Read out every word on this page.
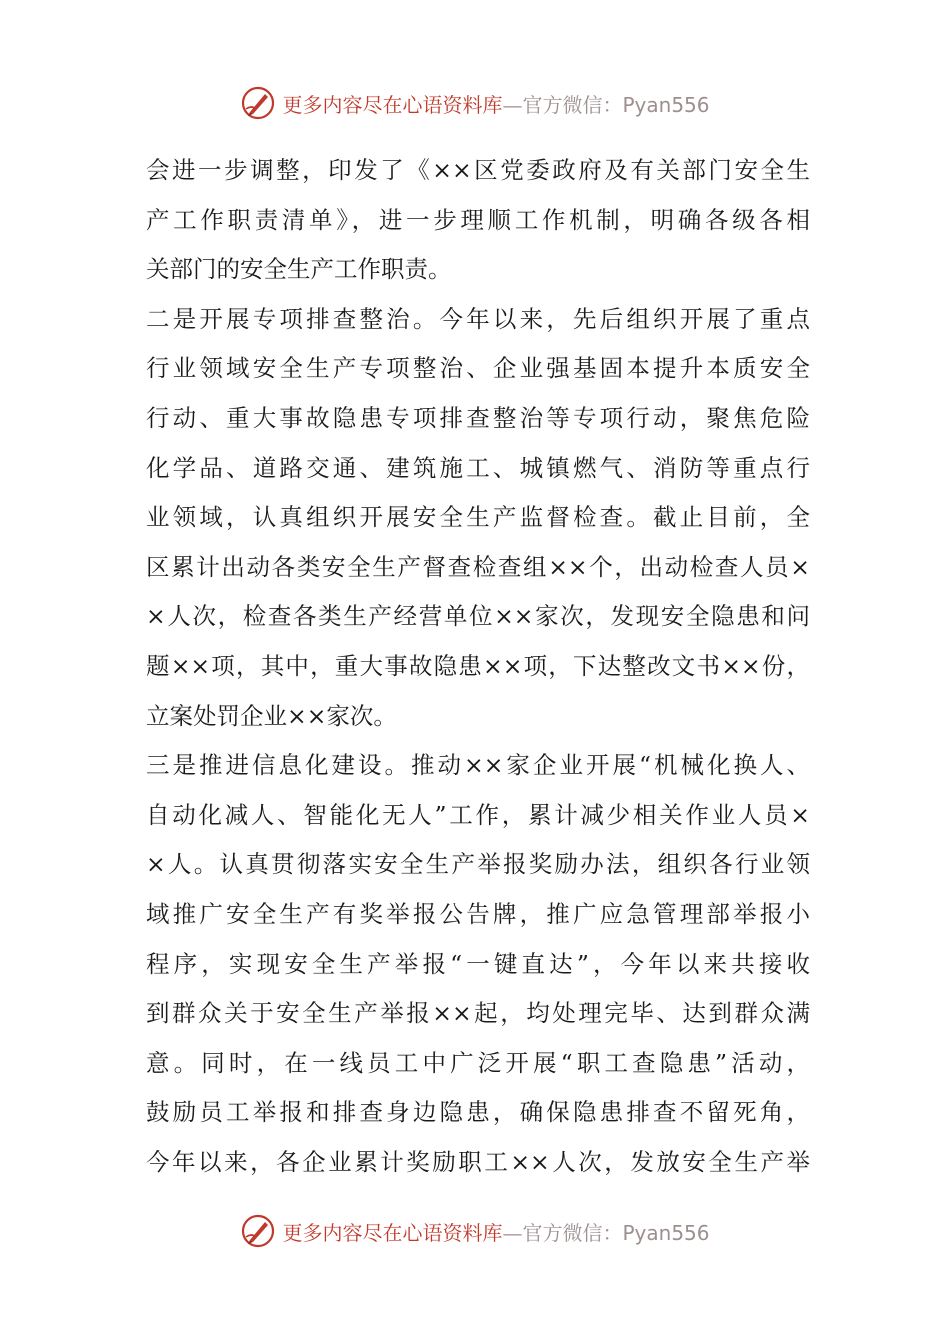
更多内容尽在心语资料库—官方微信：Pyan556
会进一步调整，印发了《××区党委政府及有关部门安全生
产工作职责清单》，进一步理顺工作机制，明确各级各相
关部门的安全生产工作职责。
二是开展专项排查整治。今年以来，先后组织开展了重点
行业领域安全生产专项整治、企业强基固本提升本质安全
行动、重大事故隐患专项排查整治等专项行动，聚焦危险
化学品、道路交通、建筑施工、城镇燃气、消防等重点行
业领域，认真组织开展安全生产监督检查。截止目前，全
区累计出动各类安全生产督查检查组××个，出动检查人员×
×人次，检查各类生产经营单位××家次，发现安全隐患和问
题××项，其中，重大事故隐患××项，下达整改文书××份，
立案处罚企业××家次。
三是推进信息化建设。推动××家企业开展“机械化换人、
自动化减人、智能化无人”工作，累计减少相关作业人员×
×人。认真贯彻落实安全生产举报奖励办法，组织各行业领
域推广安全生产有奖举报公告牌，推广应急管理部举报小
程序，实现安全生产举报“一键直达”，今年以来共接收
到群众关于安全生产举报××起，均处理完毕、达到群众满
意。同时，在一线员工中广泛开展“职工查隐患”活动，
鼓励员工举报和排查身边隐患，确保隐患排查不留死角，
今年以来，各企业累计奖励职工××人次，发放安全生产举
更多内容尽在心语资料库—官方微信：Pyan556
